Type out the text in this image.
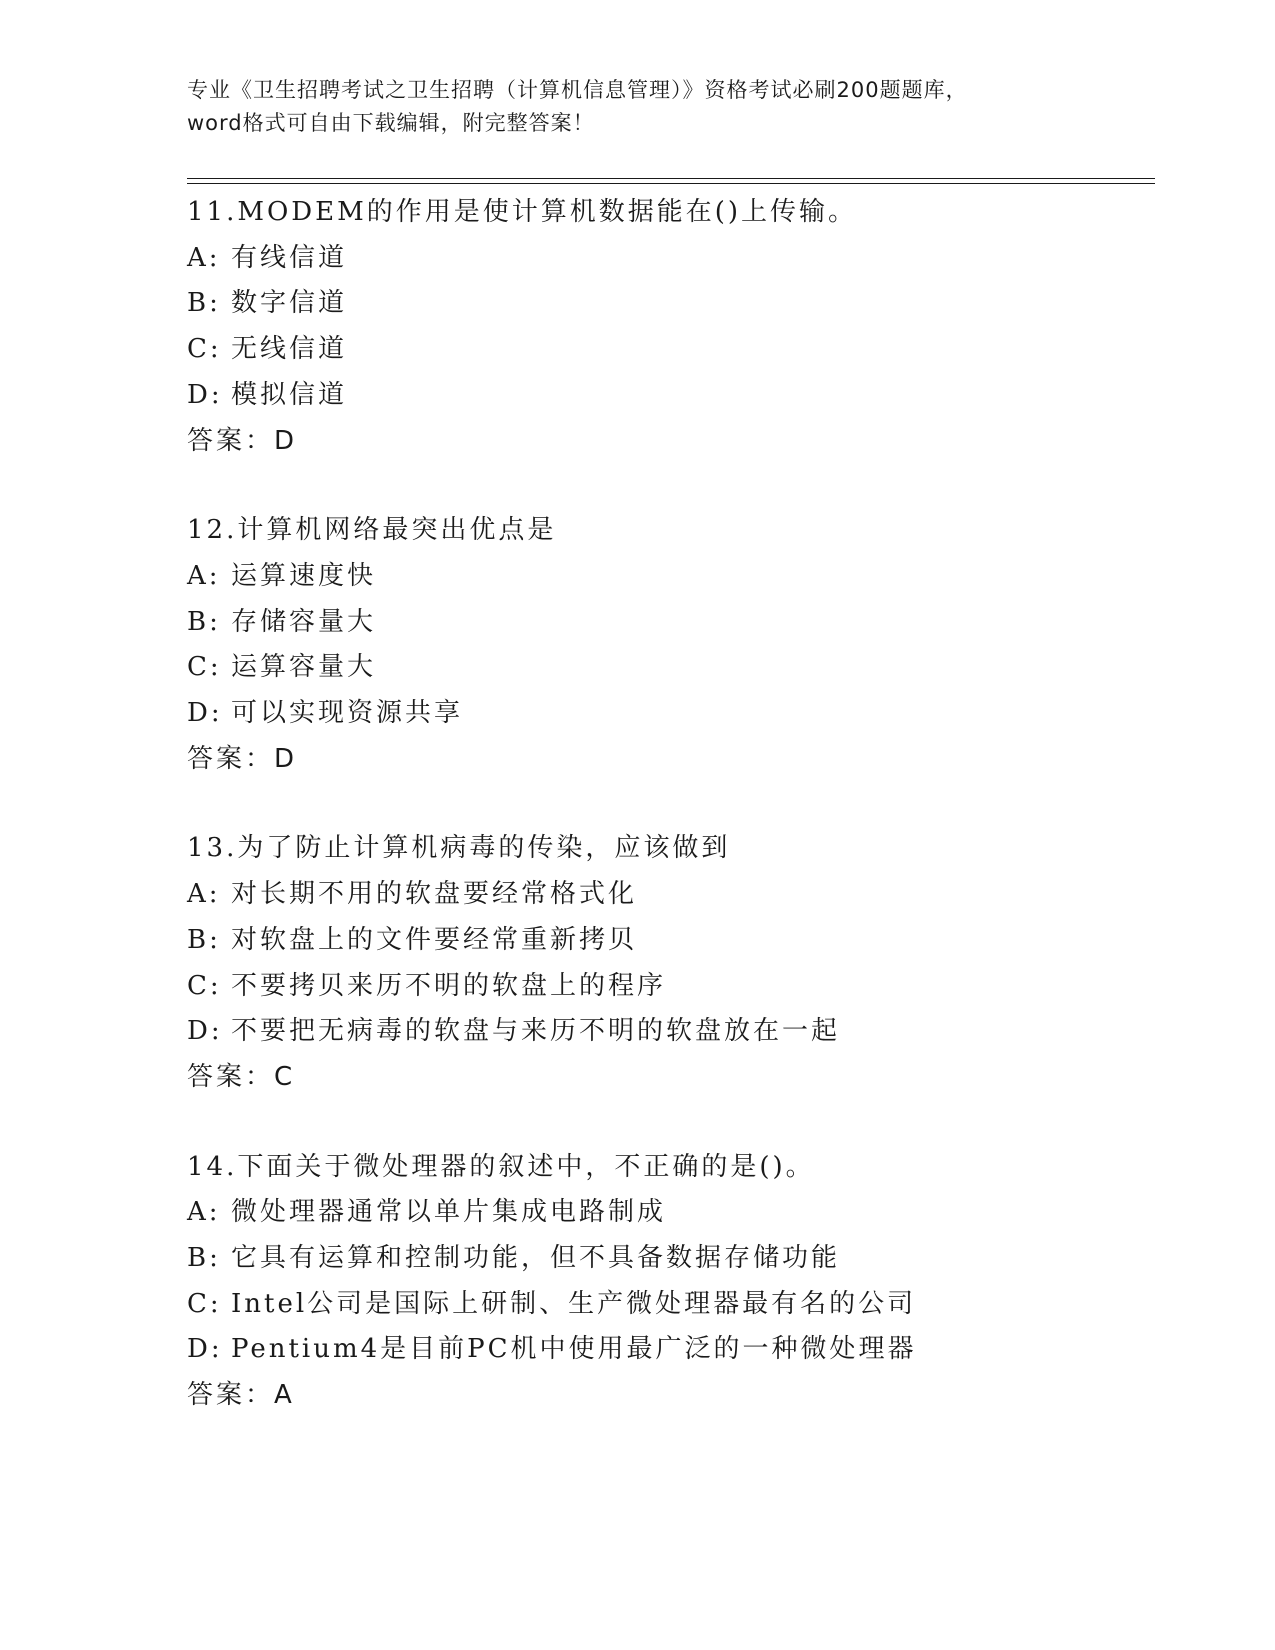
专业《卫生招聘考试之卫生招聘（计算机信息管理）》资格考试必刷200题题库，
word格式可自由下载编辑，附完整答案！
11.MODEM的作用是使计算机数据能在()上传输。
A: 有线信道
B: 数字信道
C: 无线信道
D: 模拟信道
答案：D
12.计算机网络最突出优点是
A: 运算速度快
B: 存储容量大
C: 运算容量大
D: 可以实现资源共享
答案：D
13.为了防止计算机病毒的传染，应该做到
A: 对长期不用的软盘要经常格式化
B: 对软盘上的文件要经常重新拷贝
C: 不要拷贝来历不明的软盘上的程序
D: 不要把无病毒的软盘与来历不明的软盘放在一起
答案：C
14.下面关于微处理器的叙述中，不正确的是()。
A: 微处理器通常以单片集成电路制成
B: 它具有运算和控制功能，但不具备数据存储功能
C: Intel公司是国际上研制、生产微处理器最有名的公司
D: Pentium4是目前PC机中使用最广泛的一种微处理器
答案：A
